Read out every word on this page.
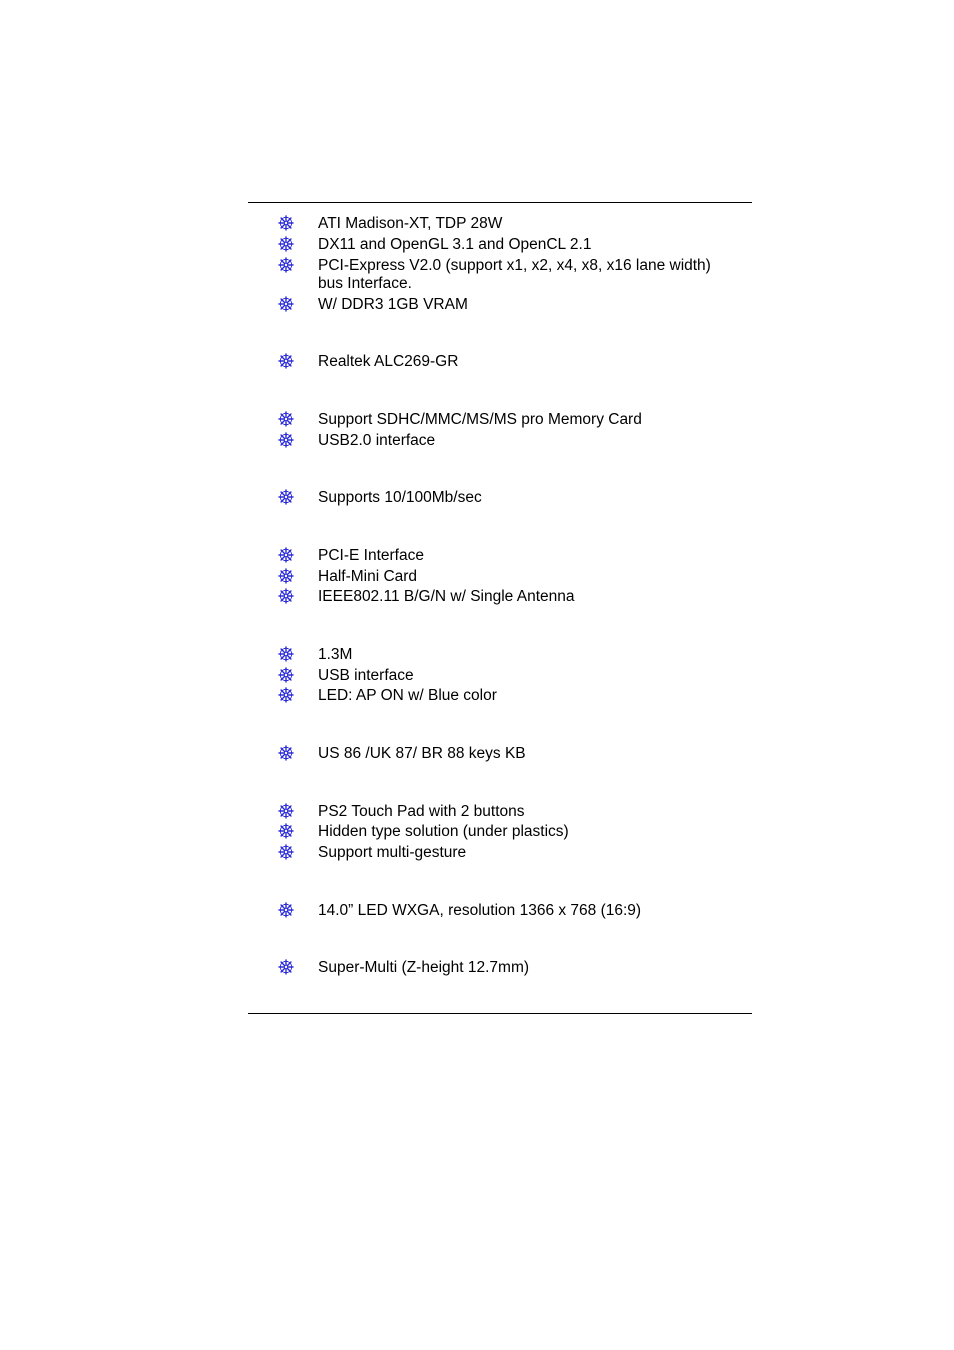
ATI Madison-XT, TDP 28W
DX11 and OpenGL 3.1 and OpenCL 2.1
PCI-Express V2.0 (support x1, x2, x4, x8, x16 lane width)
bus Interface.
W/ DDR3 1GB VRAM
Realtek ALC269-GR
Support SDHC/MMC/MS/MS pro Memory Card
USB2.0 interface
Supports 10/100Mb/sec
PCI-E Interface
Half-Mini Card
IEEE802.11 B/G/N w/ Single Antenna
1.3M
USB interface
LED: AP ON w/ Blue color
US 86 /UK 87/ BR 88 keys KB
PS2 Touch Pad with 2 buttons
Hidden type solution (under plastics)
Support multi-gesture
14.0” LED WXGA, resolution 1366 x 768 (16:9)
Super-Multi (Z-height 12.7mm)
